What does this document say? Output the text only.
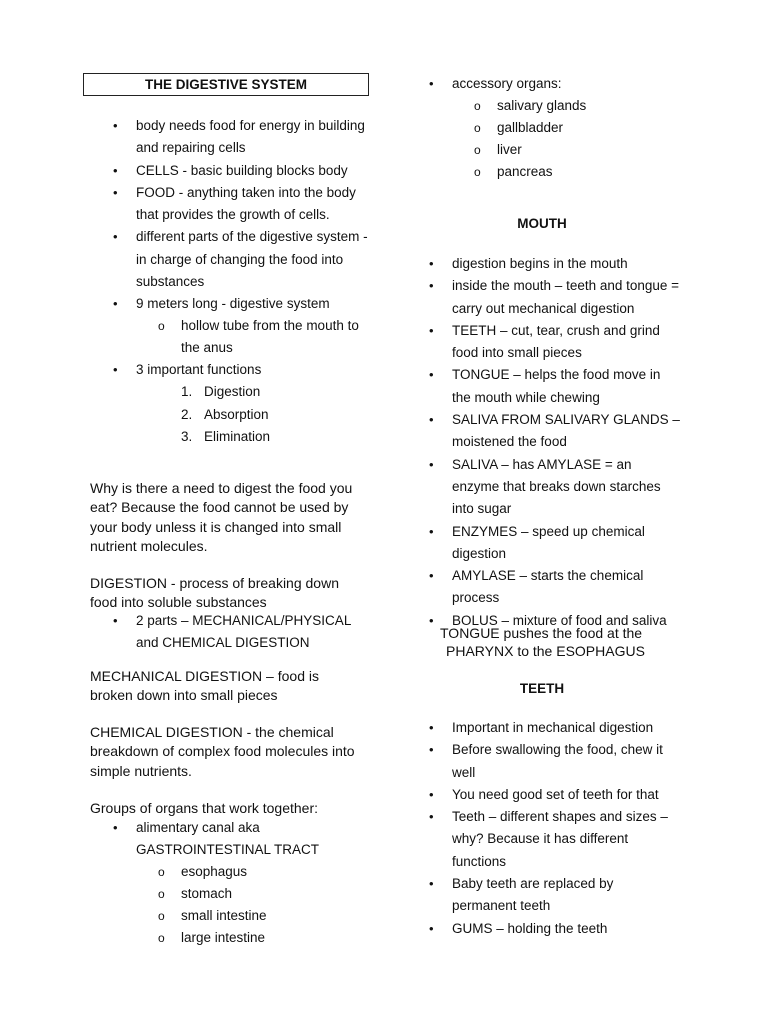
THE DIGESTIVE SYSTEM
• body needs food for energy in building and repairing cells
• CELLS - basic building blocks body
• FOOD - anything taken into the body that provides the growth of cells.
• different parts of the digestive system - in charge of changing the food into substances
• 9 meters long - digestive system
o hollow tube from the mouth to the anus
• 3 important functions
1. Digestion
2. Absorption
3. Elimination
Why is there a need to digest the food you eat? Because the food cannot be used by your body unless it is changed into small nutrient molecules.
DIGESTION - process of breaking down food into soluble substances
• 2 parts – MECHANICAL/PHYSICAL and CHEMICAL DIGESTION
MECHANICAL DIGESTION – food is broken down into small pieces
CHEMICAL DIGESTION - the chemical breakdown of complex food molecules into simple nutrients.
Groups of organs that work together:
• alimentary canal aka GASTROINTESTINAL TRACT
o esophagus
o stomach
o small intestine
o large intestine
• accessory organs:
o salivary glands
o gallbladder
o liver
o pancreas
MOUTH
• digestion begins in the mouth
• inside the mouth – teeth and tongue = carry out mechanical digestion
• TEETH – cut, tear, crush and grind food into small pieces
• TONGUE – helps the food move in the mouth while chewing
• SALIVA FROM SALIVARY GLANDS – moistened the food
• SALIVA – has AMYLASE = an enzyme that breaks down starches into sugar
• ENZYMES – speed up chemical digestion
• AMYLASE – starts the chemical process
• BOLUS – mixture of food and saliva
TONGUE pushes the food at the
PHARYNX to the ESOPHAGUS
TEETH
• Important in mechanical digestion
• Before swallowing the food, chew it well
• You need good set of teeth for that
• Teeth – different shapes and sizes – why? Because it has different functions
• Baby teeth are replaced by permanent teeth
• GUMS – holding the teeth
